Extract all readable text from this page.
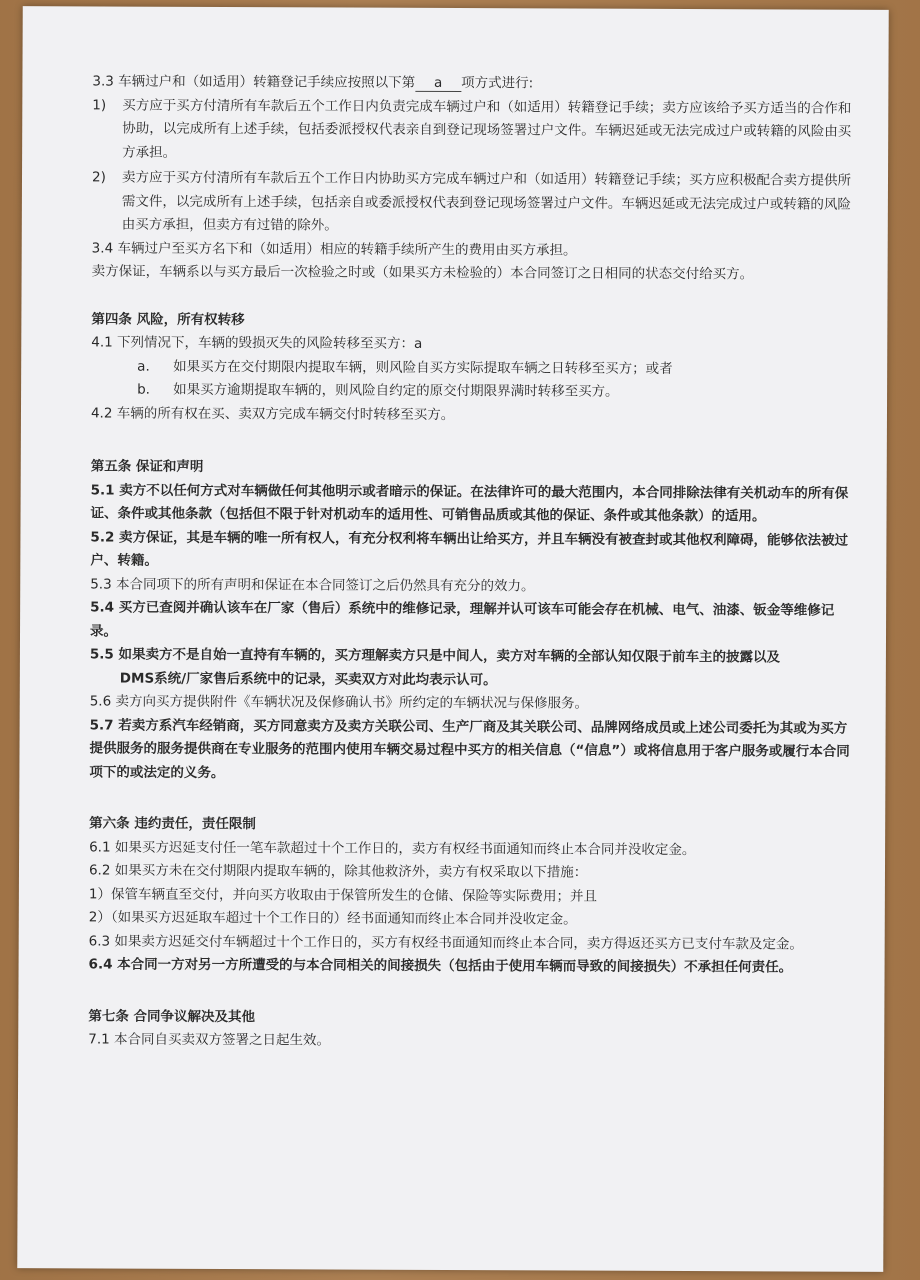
3.3 车辆过户和（如适用）转籍登记手续应按照以下第 a 项方式进行:
1)	买方应于买方付清所有车款后五个工作日内负责完成车辆过户和（如适用）转籍登记手续；卖方应该给予买方适当的合作和协助，以完成所有上述手续，包括委派授权代表亲自到登记现场签署过户文件。车辆迟延或无法完成过户或转籍的风险由买方承担。
2)	卖方应于买方付清所有车款后五个工作日内协助买方完成车辆过户和（如适用）转籍登记手续；买方应积极配合卖方提供所需文件，以完成所有上述手续，包括亲自或委派授权代表到登记现场签署过户文件。车辆迟延或无法完成过户或转籍的风险由买方承担，但卖方有过错的除外。
3.4 车辆过户至买方名下和（如适用）相应的转籍手续所产生的费用由买方承担。
卖方保证，车辆系以与买方最后一次检验之时或（如果买方未检验的）本合同签订之日相同的状态交付给买方。
第四条 风险，所有权转移
4.1 下列情况下，车辆的毁损灭失的风险转移至买方：a
a.	如果买方在交付期限内提取车辆，则风险自买方实际提取车辆之日转移至买方；或者
b.	如果买方逾期提取车辆的，则风险自约定的原交付期限界满时转移至买方。
4.2 车辆的所有权在买、卖双方完成车辆交付时转移至买方。
第五条 保证和声明
5.1 卖方不以任何方式对车辆做任何其他明示或者暗示的保证。在法律许可的最大范围内，本合同排除法律有关机动车的所有保证、条件或其他条款（包括但不限于针对机动车的适用性、可销售品质或其他的保证、条件或其他条款）的适用。
5.2 卖方保证，其是车辆的唯一所有权人，有充分权利将车辆出让给买方，并且车辆没有被查封或其他权利障碍，能够依法被过户、转籍。
5.3 本合同项下的所有声明和保证在本合同签订之后仍然具有充分的效力。
5.4 买方已查阅并确认该车在厂家（售后）系统中的维修记录，理解并认可该车可能会存在机械、电气、油漆、钣金等维修记录。
5.5 如果卖方不是自始一直持有车辆的，买方理解卖方只是中间人，卖方对车辆的全部认知仅限于前车主的披露以及
DMS系统/厂家售后系统中的记录，买卖双方对此均表示认可。
5.6 卖方向买方提供附件《车辆状况及保修确认书》所约定的车辆状况与保修服务。
5.7 若卖方系汽车经销商，买方同意卖方及卖方关联公司、生产厂商及其关联公司、品牌网络成员或上述公司委托为其或为买方提供服务的服务提供商在专业服务的范围内使用车辆交易过程中买方的相关信息（“信息”）或将信息用于客户服务或履行本合同项下的或法定的义务。
第六条 违约责任，责任限制
6.1 如果买方迟延支付任一笔车款超过十个工作日的，卖方有权经书面通知而终止本合同并没收定金。
6.2 如果买方未在交付期限内提取车辆的，除其他救济外，卖方有权采取以下措施：
1）保管车辆直至交付，并向买方收取由于保管所发生的仓储、保险等实际费用；并且
2）（如果买方迟延取车超过十个工作日的）经书面通知而终止本合同并没收定金。
6.3 如果卖方迟延交付车辆超过十个工作日的，买方有权经书面通知而终止本合同，卖方得返还买方已支付车款及定金。
6.4 本合同一方对另一方所遭受的与本合同相关的间接损失（包括由于使用车辆而导致的间接损失）不承担任何责任。
第七条 合同争议解决及其他
7.1 本合同自买卖双方签署之日起生效。
